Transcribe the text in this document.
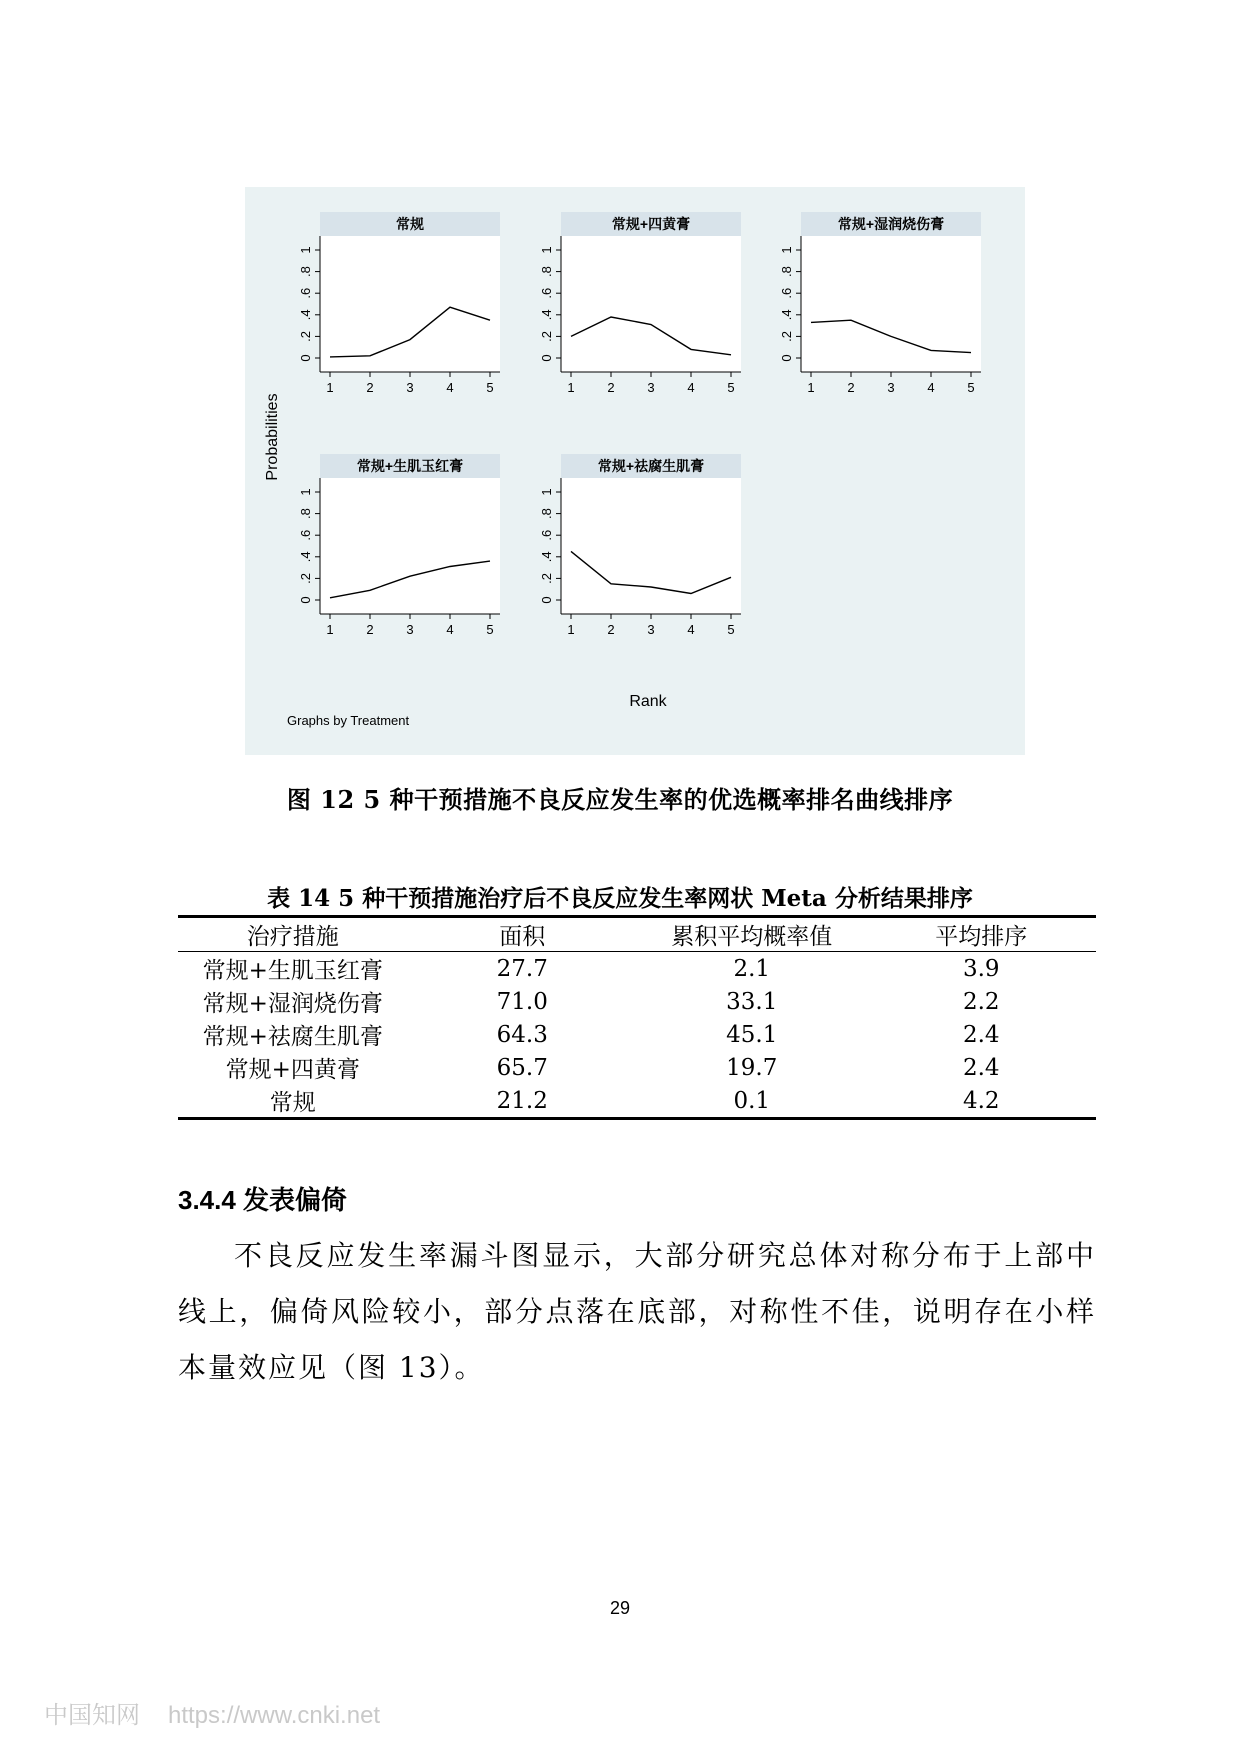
Probabilities
Rank
Graphs by Treatment
常规
0
.2
.4
.6
.8
1
1	2	3	4	5
常规+四黄膏
0
.2
.4
.6
.8
1
1	2	3	4	5
常规+湿润烧伤膏
0
.2
.4
.6
.8
1
1	2	3	4	5
常规+生肌玉红膏
0
.2
.4
.6
.8
1
1	2	3	4	5
常规+祛腐生肌膏
0
.2
.4
.6
.8
1
1	2	3	4	5
图 12 5 种干预措施不良反应发生率的优选概率排名曲线排序
表 14 5 种干预措施治疗后不良反应发生率网状 Meta 分析结果排序
治疗措施	面积	累积平均概率值	平均排序
常规+生肌玉红膏	27.7	2.1	3.9
常规+湿润烧伤膏	71.0	33.1	2.2
常规+祛腐生肌膏	64.3	45.1	2.4
常规+四黄膏	65.7	19.7	2.4
常规	21.2	0.1	4.2
3.4.4 发表偏倚
不良反应发生率漏斗图显示，大部分研究总体对称分布于上部中线上，偏倚风险较小，部分点落在底部，对称性不佳，说明存在小样本量效应见（图 13）。
29
中国知网 https://www.cnki.net
